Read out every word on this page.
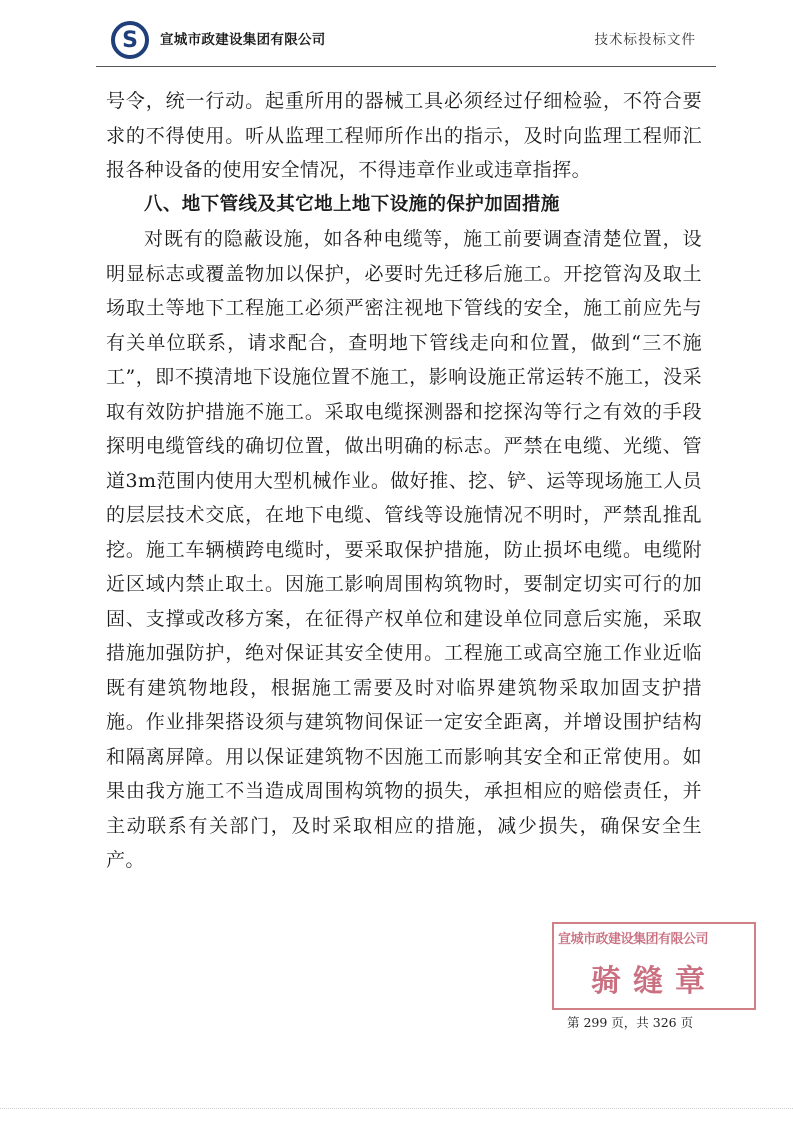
S 宣城市政建设集团有限公司	技术标投标文件

号令，统一行动。起重所用的器械工具必须经过仔细检验，不符合要求的不得使用。听从监理工程师所作出的指示，及时向监理工程师汇报各种设备的使用安全情况，不得违章作业或违章指挥。

八、地下管线及其它地上地下设施的保护加固措施

对既有的隐蔽设施，如各种电缆等，施工前要调查清楚位置，设明显标志或覆盖物加以保护，必要时先迁移后施工。开挖管沟及取土场取土等地下工程施工必须严密注视地下管线的安全，施工前应先与有关单位联系，请求配合，查明地下管线走向和位置，做到“三不施工”，即不摸清地下设施位置不施工，影响设施正常运转不施工，没采取有效防护措施不施工。采取电缆探测器和挖探沟等行之有效的手段探明电缆管线的确切位置，做出明确的标志。严禁在电缆、光缆、管道3m范围内使用大型机械作业。做好推、挖、铲、运等现场施工人员的层层技术交底，在地下电缆、管线等设施情况不明时，严禁乱推乱挖。施工车辆横跨电缆时，要采取保护措施，防止损坏电缆。电缆附近区域内禁止取土。因施工影响周围构筑物时，要制定切实可行的加固、支撑或改移方案，在征得产权单位和建设单位同意后实施，采取措施加强防护，绝对保证其安全使用。工程施工或高空施工作业近临既有建筑物地段，根据施工需要及时对临界建筑物采取加固支护措施。作业排架搭设须与建筑物间保证一定安全距离，并增设围护结构和隔离屏障。用以保证建筑物不因施工而影响其安全和正常使用。如果由我方施工不当造成周围构筑物的损失，承担相应的赔偿责任，并主动联系有关部门，及时采取相应的措施，减少损失，确保安全生产。

宣城市政建设集团有限公司
骑缝章
第 299 页，共 326 页
